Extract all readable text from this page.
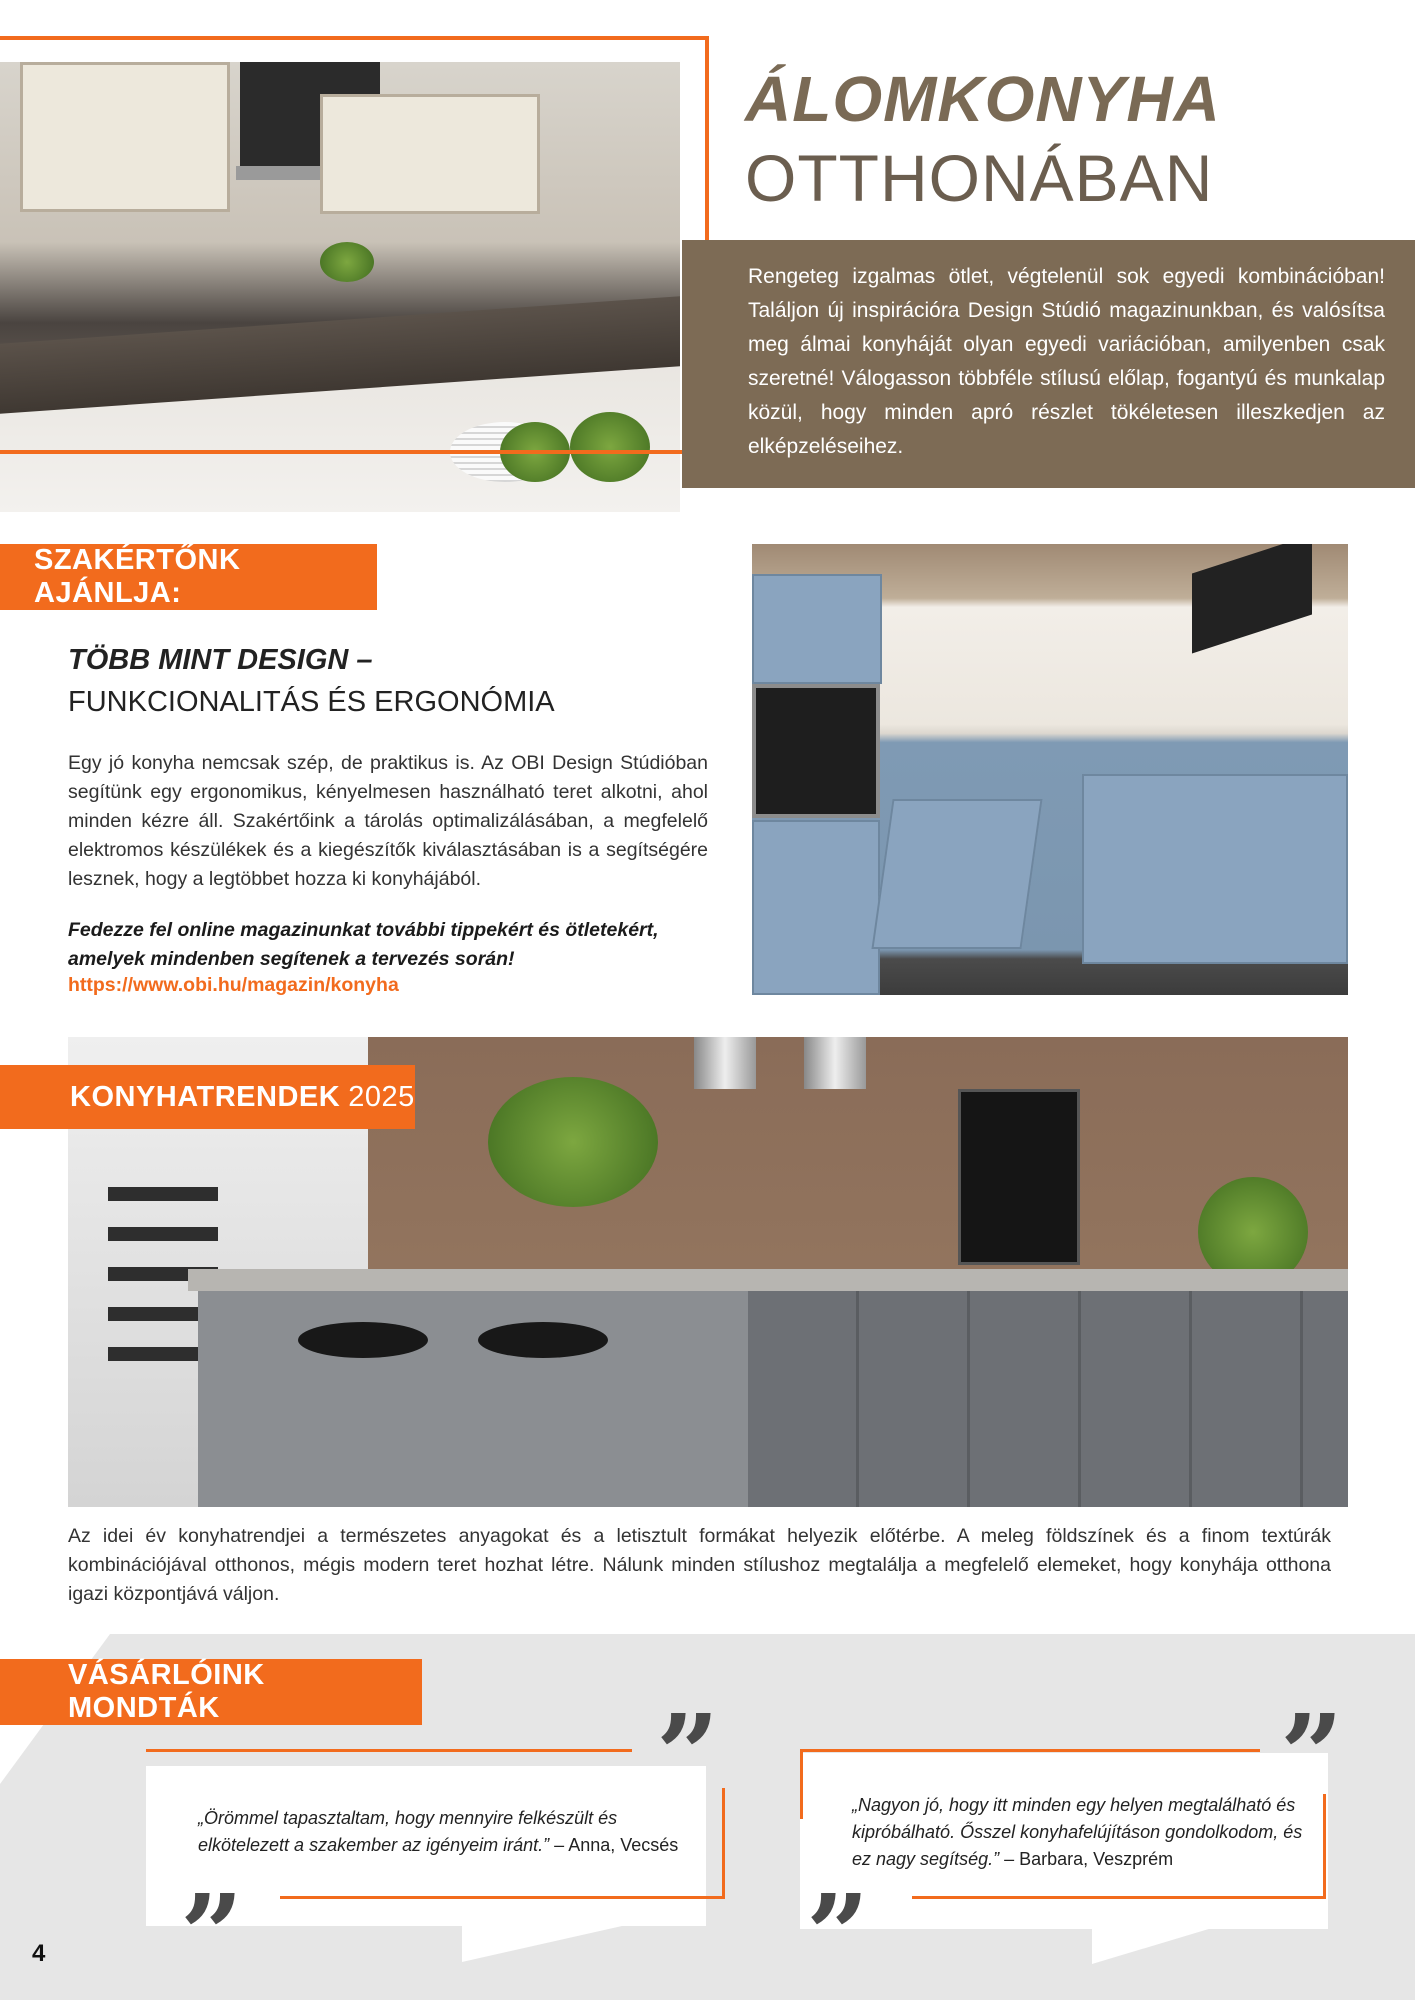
ÁLOMKONYHA
OTTHONÁBAN

Rengeteg izgalmas ötlet, végtelenül sok egyedi kombinációban! Találjon új inspirációra Design Stúdió magazinunkban, és valósítsa meg álmai konyháját olyan egyedi variációban, amilyenben csak szeretné! Válogasson többféle stílusú előlap, fogantyú és munkalap közül, hogy minden apró részlet tökéletesen illeszkedjen az elképzeléseihez.

SZAKÉRTŐNK AJÁNLJA:
TÖBB MINT DESIGN –
FUNKCIONALITÁS ÉS ERGONÓMIA

Egy jó konyha nemcsak szép, de praktikus is. Az OBI Design Stúdióban segítünk egy ergonomikus, kényelmesen használható teret alkotni, ahol minden kézre áll. Szakértőink a tárolás optimalizálásában, a megfelelő elektromos készülékek és a kiegészítők kiválasztásában is a segítségére lesznek, hogy a legtöbbet hozza ki konyhájából.

Fedezze fel online magazinunkat további tippekért és ötletekért, amelyek mindenben segítenek a tervezés során!

https://www.obi.hu/magazin/konyha
KONYHATRENDEK 2025

Az idei év konyhatrendjei a természetes anyagokat és a letisztult formákat helyezik előtérbe. A meleg földszínek és a finom textúrák kombinációjával otthonos, mégis modern teret hozhat létre. Nálunk minden stílushoz megtalálja a megfelelő elemeket, hogy konyhája otthona igazi központjává váljon.

VÁSÁRLÓINK MONDTÁK	”
”

„Örömmel tapasztaltam, hogy mennyire felkészült és elkötelezett a szakember az igényeim iránt.” – Anna, Vecsés

”
”

„Nagyon jó, hogy itt minden egy helyen megtalálható és kipróbálható. Ősszel konyhafelújításon gondolkodom, és ez nagy segítség.” – Barbara, Veszprém

4
